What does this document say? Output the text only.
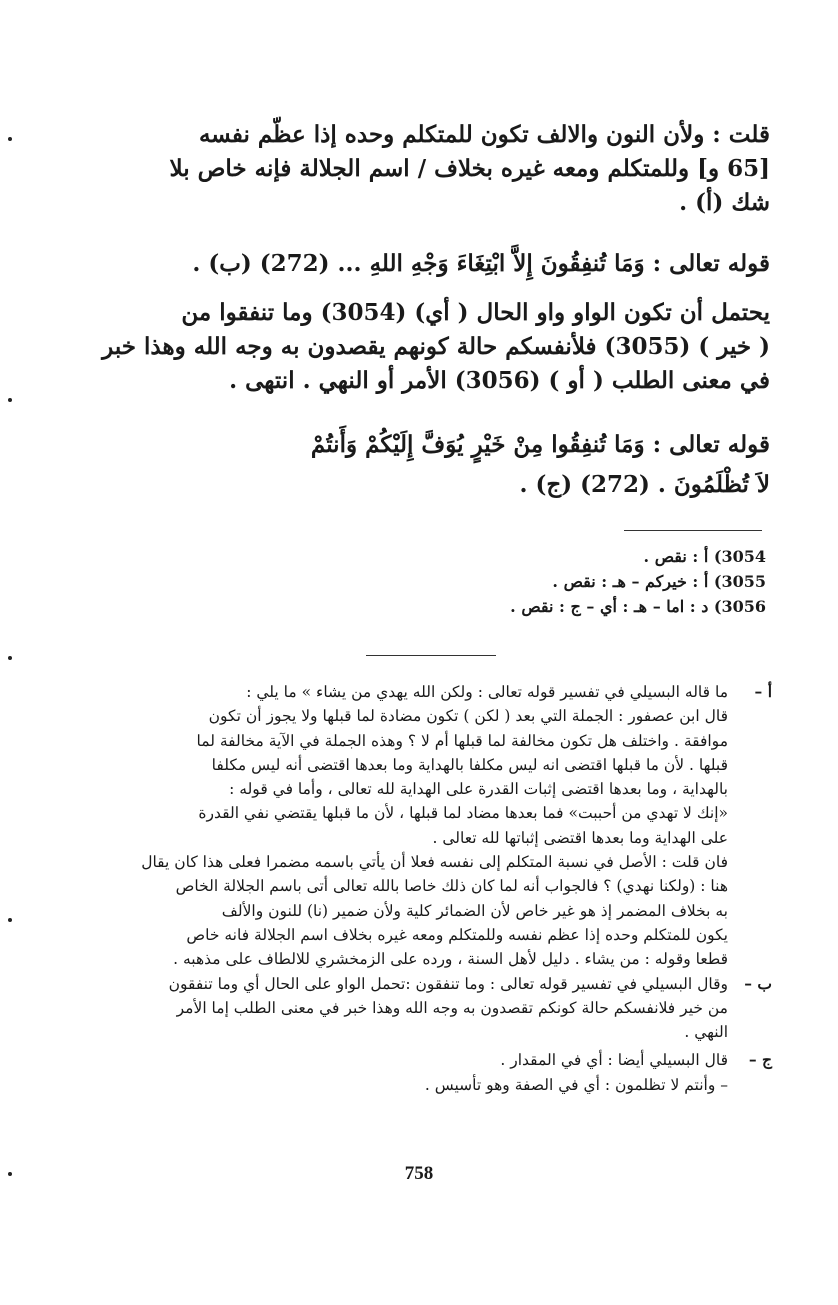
قلت : ولأن النون والالف تكون للمتكلم وحده إذا عظّم نفسه
[65 و] وللمتكلم ومعه غيره بخلاف / اسم الجلالة فإنه خاص بلا
شك (أ) .
قوله تعالى : وَمَا تُنفِقُونَ إِلاَّ ابْتِغَاءَ وَجْهِ اللهِ ... (272) (ب) .
يحتمل أن تكون الواو واو الحال ( أي) (3054) وما تنفقوا من
( خير ) (3055) فلأنفسكم حالة كونهم يقصدون به وجه الله وهذا خبر
في معنى الطلب ( أو ) (3056) الأمر أو النهي . انتهى .
قوله تعالى : وَمَا تُنفِقُوا مِنْ خَيْرٍ يُوَفَّ إِلَيْكُمْ وَأَنتُمْ
لاَ تُظْلَمُونَ . (272) (ج) .
3054) أ : نقص .
3055) أ : خيركم – هـ : نقص .
3056) د : اما – هـ : أي – ج : نقص .
أ –
ما قاله البسيلي في تفسير قوله تعالى : ولكن الله يهدي من يشاء » ما يلي :
قال ابن عصفور : الجملة التي بعد ( لكن ) تكون مضادة لما قبلها ولا يجوز أن تكون
موافقة . واختلف هل تكون مخالفة لما قبلها أم لا ؟ وهذه الجملة في الآية مخالفة لما
قبلها . لأن ما قبلها اقتضى انه ليس مكلفا بالهداية وما بعدها اقتضى أنه ليس مكلفا
بالهداية ، وما بعدها اقتضى إثبات القدرة على الهداية لله تعالى ، وأما في قوله :
«إنك لا تهدي من أحببت» فما بعدها مضاد لما قبلها ، لأن ما قبلها يقتضي نفي القدرة
على الهداية وما بعدها اقتضى إثباتها لله تعالى .
فان قلت : الأصل في نسبة المتكلم إلى نفسه فعلا أن يأتي باسمه مضمرا فعلى هذا كان يقال
هنا : (ولكنا نهدي) ؟ فالجواب أنه لما كان ذلك خاصا بالله تعالى أتى باسم الجلالة الخاص
به بخلاف المضمر إذ هو غير خاص لأن الضمائر كلية ولأن ضمير (نا) للنون والألف
يكون للمتكلم وحده إذا عظم نفسه وللمتكلم ومعه غيره بخلاف اسم الجلالة فانه خاص
قطعا وقوله : من يشاء . دليل لأهل السنة ، ورده على الزمخشري للالطاف على مذهبه .
ب –
وقال البسيلي في تفسير قوله تعالى : وما تنفقون :تحمل الواو على الحال أي وما تنفقون
من خير فلانفسكم حالة كونكم تقصدون به وجه الله وهذا خبر في معنى الطلب إما الأمر
النهي .
ج –
قال البسيلي أيضا : أي في المقدار .
– وأنتم لا تظلمون : أي في الصفة وهو تأسيس .
758
